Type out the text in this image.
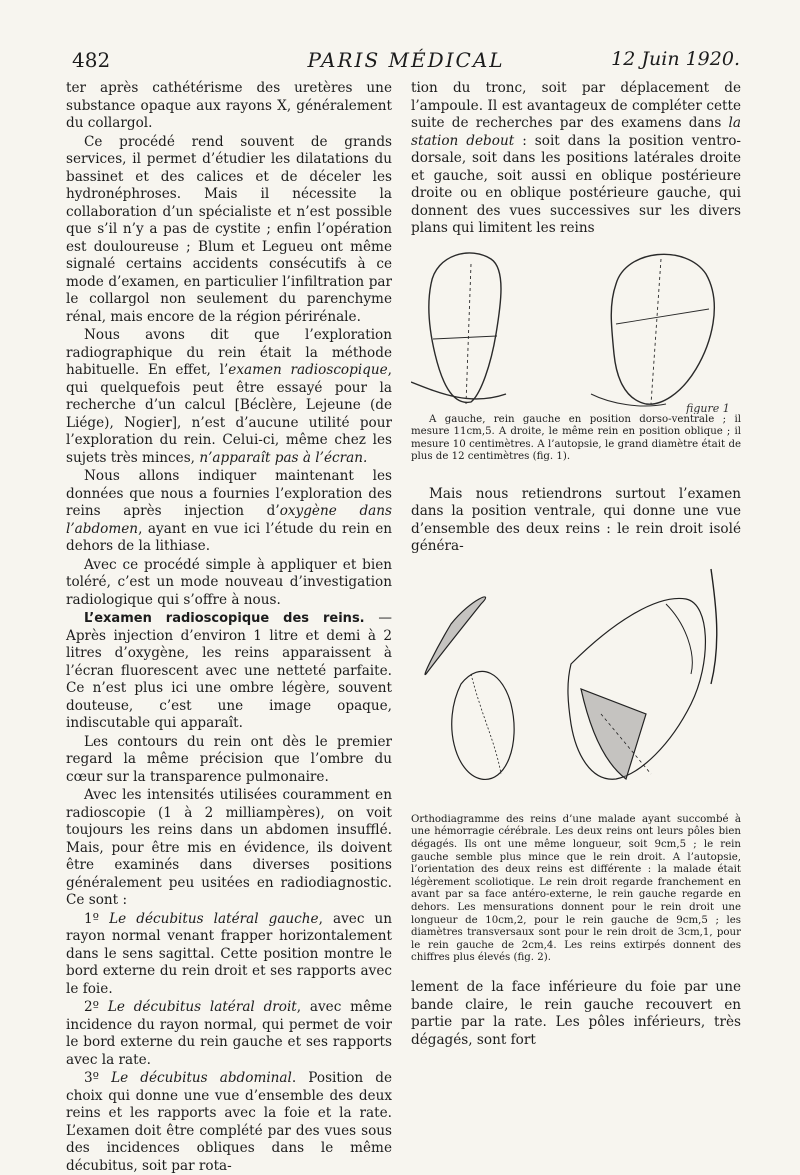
482	PARIS MÉDICAL	12 Juin 1920.

ter après cathétérisme des uretères une substance opaque aux rayons X, généralement du collargol.

Ce procédé rend souvent de grands services, il permet d’étudier les dilatations du bassinet et des calices et de déceler les hydronéphroses. Mais il nécessite la collaboration d’un spécialiste et n’est possible que s’il n’y a pas de cystite ; enfin l’opération est douloureuse ; Blum et Legueu ont même signalé certains accidents consécutifs à ce mode d’examen, en particulier l’infiltration par le collargol non seulement du parenchyme rénal, mais encore de la région périrénale.

Nous avons dit que l’exploration radiographique du rein était la méthode habituelle. En effet, l’examen radioscopique, qui quelquefois peut être essayé pour la recherche d’un calcul [Béclère, Lejeune (de Liége), Nogier], n’est d’aucune utilité pour l’exploration du rein. Celui-ci, même chez les sujets très minces, n’apparaît pas à l’écran.

Nous allons indiquer maintenant les données que nous a fournies l’exploration des reins après injection d’oxygène dans l’abdomen, ayant en vue ici l’étude du rein en dehors de la lithiase.

Avec ce procédé simple à appliquer et bien toléré, c’est un mode nouveau d’investigation radiologique qui s’offre à nous.

L’examen radioscopique des reins. — Après injection d’environ 1 litre et demi à 2 litres d’oxygène, les reins apparaissent à l’écran fluorescent avec une netteté parfaite. Ce n’est plus ici une ombre légère, souvent douteuse, c’est une image opaque, indiscutable qui apparaît.

Les contours du rein ont dès le premier regard la même précision que l’ombre du cœur sur la transparence pulmonaire.

Avec les intensités utilisées couramment en radioscopie (1 à 2 milliampères), on voit toujours les reins dans un abdomen insufflé. Mais, pour être mis en évidence, ils doivent être examinés dans diverses positions généralement peu usitées en radiodiagnostic. Ce sont :

1º Le décubitus latéral gauche, avec un rayon normal venant frapper horizontalement dans le sens sagittal. Cette position montre le bord externe du rein droit et ses rapports avec le foie.

2º Le décubitus latéral droit, avec même incidence du rayon normal, qui permet de voir le bord externe du rein gauche et ses rapports avec la rate.

3º Le décubitus abdominal. Position de choix qui donne une vue d’ensemble des deux reins et les rapports avec la foie et la rate. L’examen doit être complété par des vues sous des incidences obliques dans le même décubitus, soit par rota-

tion du tronc, soit par déplacement de l’ampoule. Il est avantageux de compléter cette suite de recherches par des examens dans la station debout : soit dans la position ventro-dorsale, soit dans les positions latérales droite et gauche, soit aussi en oblique postérieure droite ou en oblique postérieure gauche, qui donnent des vues successives sur les divers plans qui limitent les reins

figure 1

A gauche, rein gauche en position dorso-ventrale ; il mesure 11cm,5. A droite, le même rein en position oblique ; il mesure 10 centimètres. A l’autopsie, le grand diamètre était de plus de 12 centimètres (fig. 1).

Mais nous retiendrons surtout l’examen dans la position ventrale, qui donne une vue d’ensemble des deux reins : le rein droit isolé généra-

Orthodiagramme des reins d’une malade ayant succombé à une hémorragie cérébrale. Les deux reins ont leurs pôles bien dégagés. Ils ont une même longueur, soit 9cm,5 ; le rein gauche semble plus mince que le rein droit. A l’autopsie, l’orientation des deux reins est différente : la malade était légèrement scoliotique. Le rein droit regarde franchement en avant par sa face antéro-externe, le rein gauche regarde en dehors. Les mensurations donnent pour le rein droit une longueur de 10cm,2, pour le rein gauche de 9cm,5 ; les diamètres transversaux sont pour le rein droit de 3cm,1, pour le rein gauche de 2cm,4. Les reins extirpés donnent des chiffres plus élevés (fig. 2).

lement de la face inférieure du foie par une bande claire, le rein gauche recouvert en partie par la rate. Les pôles inférieurs, très dégagés, sont fort
